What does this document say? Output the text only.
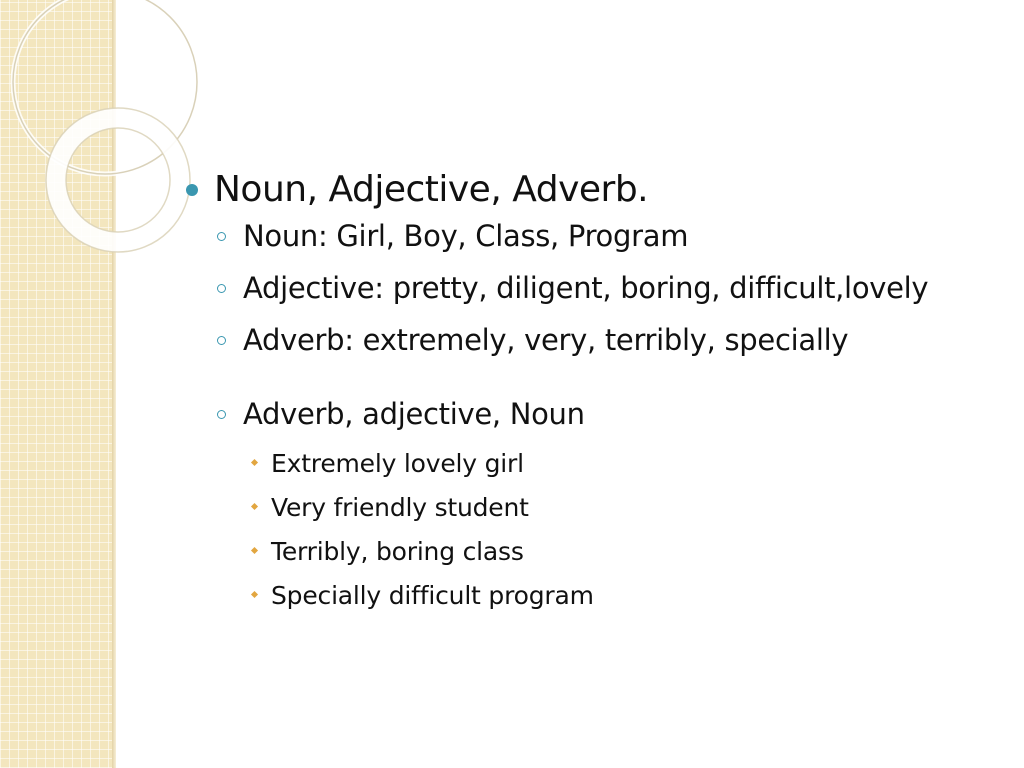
Noun, Adjective, Adverb.
Noun: Girl, Boy, Class, Program
Adjective: pretty, diligent, boring, difficult,lovely
Adverb: extremely, very, terribly, specially
Adverb, adjective, Noun
Extremely lovely girl
Very friendly student
Terribly, boring class
Specially difficult program
